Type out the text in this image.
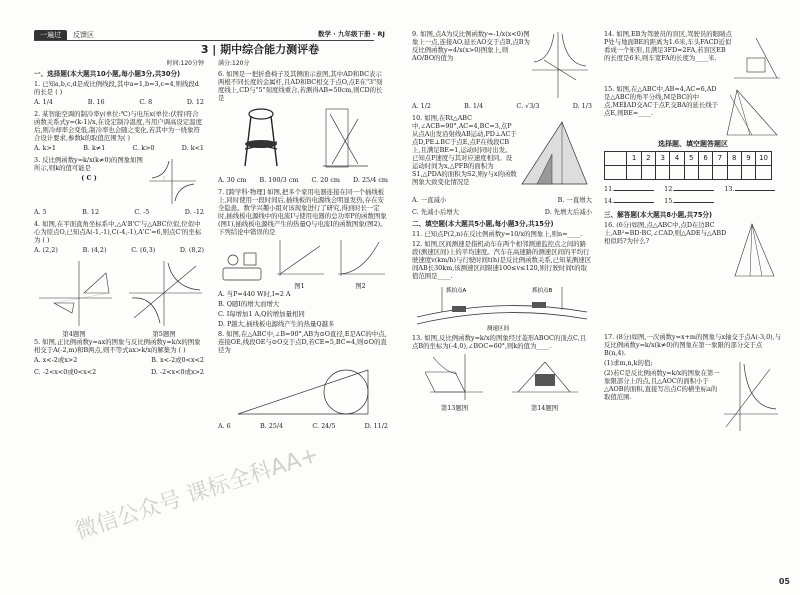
一遍过 反馈区	数学 · 九年级下册 · RJ
3 | 期中综合能力测评卷

时间:120分钟

一、选择题(本大题共10小题,每小题3分,共30分)

1. 已知a,b,c,d是成比例线段,其中a=1,b=3,c=4,则线段d的长是 ( )

A. 1/4	B. 16	C. 8	D. 12

2. 某智能空调的制冷率y(单位:℃)与电压x(单位:伏特)符合函数关系式y=(k-1)/x,在设定制冷温度,当用户调高设定温度后,则冷却率会变低,制冷率也会随之变化,若其中为一绕象符合设计要求,参数k的取值范围为( )

A. k>1	B. k≠1	C. k>0	D. k<1

3. 反比例函数y=k/x(k≠0)的图象如图所示,则k的值可能是

( C )

A. 5	B. 12	C. -5	D. -12

4. 如图,在平面直角坐标系中,△A'B'C'与△ABC位似,位似中心为原点O,已知点A(-1,-1),C(-4,-1),A'C'=6,则点C'的坐标为 ( )

A. (2,2)	B. (4,2)	C. (6,3)	D. (8,2)
第4题图	第5题图

5. 如图,正比例函数y=ax的图象与反比例函数y=k/x的图象相交于A(-2,m)和B两点,则不等式ax>k/x的解集为 ( )

A. x<-2或x>2	B. x<-2或0<x<2
C. -2<x<0或0<x<2	D. -2<x<0或x>2

满分:120分

6. 如图是一把折叠椅子及其侧面示意图,其中AD和BC表示两根不同长度的金属杆,且AD和BC相交于点O,点E在"3"刻度线上,CD与"5"刻度线重合,若测得AB=50cm,则CD的长是

A. 30 cm B. 100/3 cm C. 20 cm D. 25/4 cm

7. [跨学科·物理] 如图,把多个家用电器连接在同一个插线板上,同时使用一段时间后,插线板的电源线会明显发热,存在安全隐患。数学兴趣小组对该现象进行了研究,得到时长一定时,插线板电源线中的电流I与使用电器的总功率P的函数图象(图1),插线板电源线产生的热量Q与电流I的函数图象(图2)。下列结论中错误的是

图1	图2

A. 当P=440 W时,I=2 A

B. Q随I的增大而增大

C. I每增加1 A,Q的增加量相同

D. P越大,插线板电源线产生的热量Q越多

8. 如图,在△ABC中,∠B=90°,AB为⊙O直径,E是AC的中点,连接OE,线段OE与⊙O交于点D,若CE=5,BC=4,则⊙O的直径为

A. 6	B. 25/4	C. 24/5	D. 11/2

9. 如图,点A为反比例函数y=-1/x(x<0)图象上一点,连接AO,延长AO交于点B,点B为反比例函数y=4/x(x>0)图象上,则AO/BO的值为

A. 1/2	B. 1/4	C. √3/3	D. 1/3

10. 如图,在Rt△ABC中,∠ACB=90°,AC=4,BC=3,点P从点A出发沿射线AB运动,PD⊥AC于点D,PE⊥BC于点E,点F在线段CB上,且满足BE=1,运动时同时出发。已知点P速度与其对应速度相同。设运动时间为x,△PFB的面积为S1,△PDA的面积为S2,则y与x的函数图象大致变化情况是

A. 一直减小	B. 一直增大
C. 先减小后增大	D. 先增大后减小

二、填空题(本大题共5小题,每小题3分,共15分)

11. 已知点P(2,n)在反比例函数y=10/x的图象上,则n=____.

12. 如图,区间测速是指机动车在两个相邻测速监控点之间的路段(测速区间)上的平均速度。汽车在高速路的测速区间的平均行驶速度v(km/h)与行驶时间t(h)是反比例函数关系,已知某测速区间AB长30km,该测速区间限速100≤v≤120,则行驶时间t的取值范围是____.

抓拍点A	抓拍点B
测速区间

13. 如图,反比例函数y=k/x的图象经过菱形ABOC的顶点C,且点B的坐标为(-4,0),∠BOC=60°,则k的值为____.

第13题图	第14题图

14. 如图,EB为驾驶员的盲区,驾驶员的眼睛点P处与地面BE的距离为1.6米,车头FACD近似看成一个矩形,且满足3FD=2FA,若盲区EB的长度是6米,则车宽FA的长度为____米.

15. 如图,在△ABC中,AB=4,AC=6,AD是△ABC的角平分线,M是BC的中点,ME∥AD交AC于点F,交BA的延长线于点E,则BE=____.

选择题、填空题答题区

	1	2	3	4	5	6	7	8	9	10

11.	12.	13.
14.	15.

三、解答题(本大题共8小题,共75分)

16. (6分)如图,点△ABC中,点D在边BC上,AB²=BD·BC,∠CAD,则△ADE与△ABD相似吗?为什么?

17. (8分)如图,一次函数y=x+m的图象与x轴交于点A(-3,0),与反比例函数y=k/x(k≠0)的图象在第一象限的部分交于点B(n,4).

(1)求m,n,k的值;

(2)若C是反比例函数y=k/x的图象在第一象限部分上的点,且△AOC的面积小于△AOB的面积,直接写出点C的横坐标a的取值范围.

微信公众号 课标全科AA+
05
